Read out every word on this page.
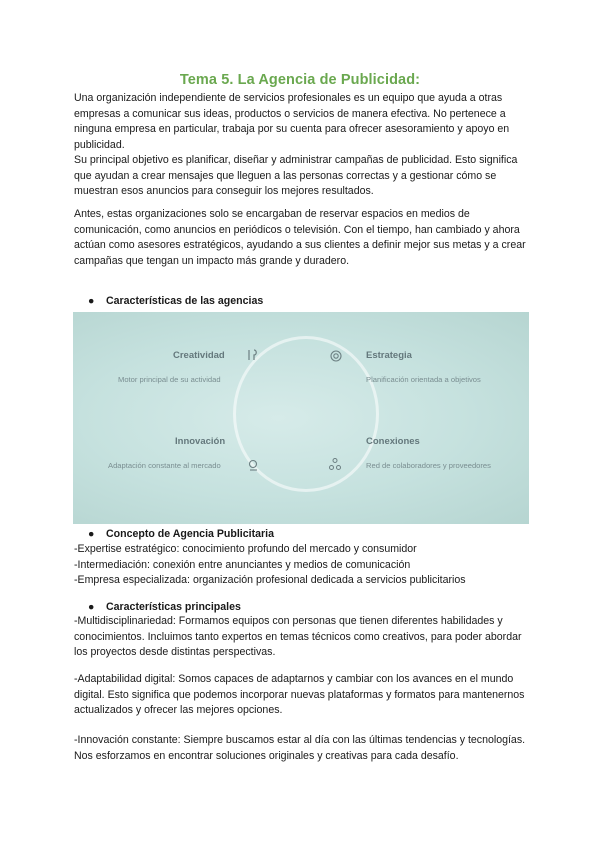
Tema 5. La Agencia de Publicidad:

Una organización independiente de servicios profesionales es un equipo que ayuda a otras empresas a comunicar sus ideas, productos o servicios de manera efectiva. No pertenece a ninguna empresa en particular, trabaja por su cuenta para ofrecer asesoramiento y apoyo en publicidad.

Su principal objetivo es planificar, diseñar y administrar campañas de publicidad. Esto significa que ayudan a crear mensajes que lleguen a las personas correctas y a gestionar cómo se muestran esos anuncios para conseguir los mejores resultados.

Antes, estas organizaciones solo se encargaban de reservar espacios en medios de comunicación, como anuncios en periódicos o televisión. Con el tiempo, han cambiado y ahora actúan como asesores estratégicos, ayudando a sus clientes a definir mejor sus metas y a crear campañas que tengan un impacto más grande y duradero.

● Características de las agencias
Creatividad
Motor principal de su actividad
Estrategia
Planificación orientada a objetivos
Innovación
Adaptación constante al mercado
Conexiones
Red de colaboradores y proveedores
● Concepto de Agencia Publicitaria
-Expertise estratégico: conocimiento profundo del mercado y consumidor
-Intermediación: conexión entre anunciantes y medios de comunicación
-Empresa especializada: organización profesional dedicada a servicios publicitarios
● Características principales

-Multidisciplinariedad: Formamos equipos con personas que tienen diferentes habilidades y conocimientos. Incluimos tanto expertos en temas técnicos como creativos, para poder abordar los proyectos desde distintas perspectivas.

-Adaptabilidad digital: Somos capaces de adaptarnos y cambiar con los avances en el mundo digital. Esto significa que podemos incorporar nuevas plataformas y formatos para mantenernos actualizados y ofrecer las mejores opciones.

-Innovación constante: Siempre buscamos estar al día con las últimas tendencias y tecnologías. Nos esforzamos en encontrar soluciones originales y creativas para cada desafío.
